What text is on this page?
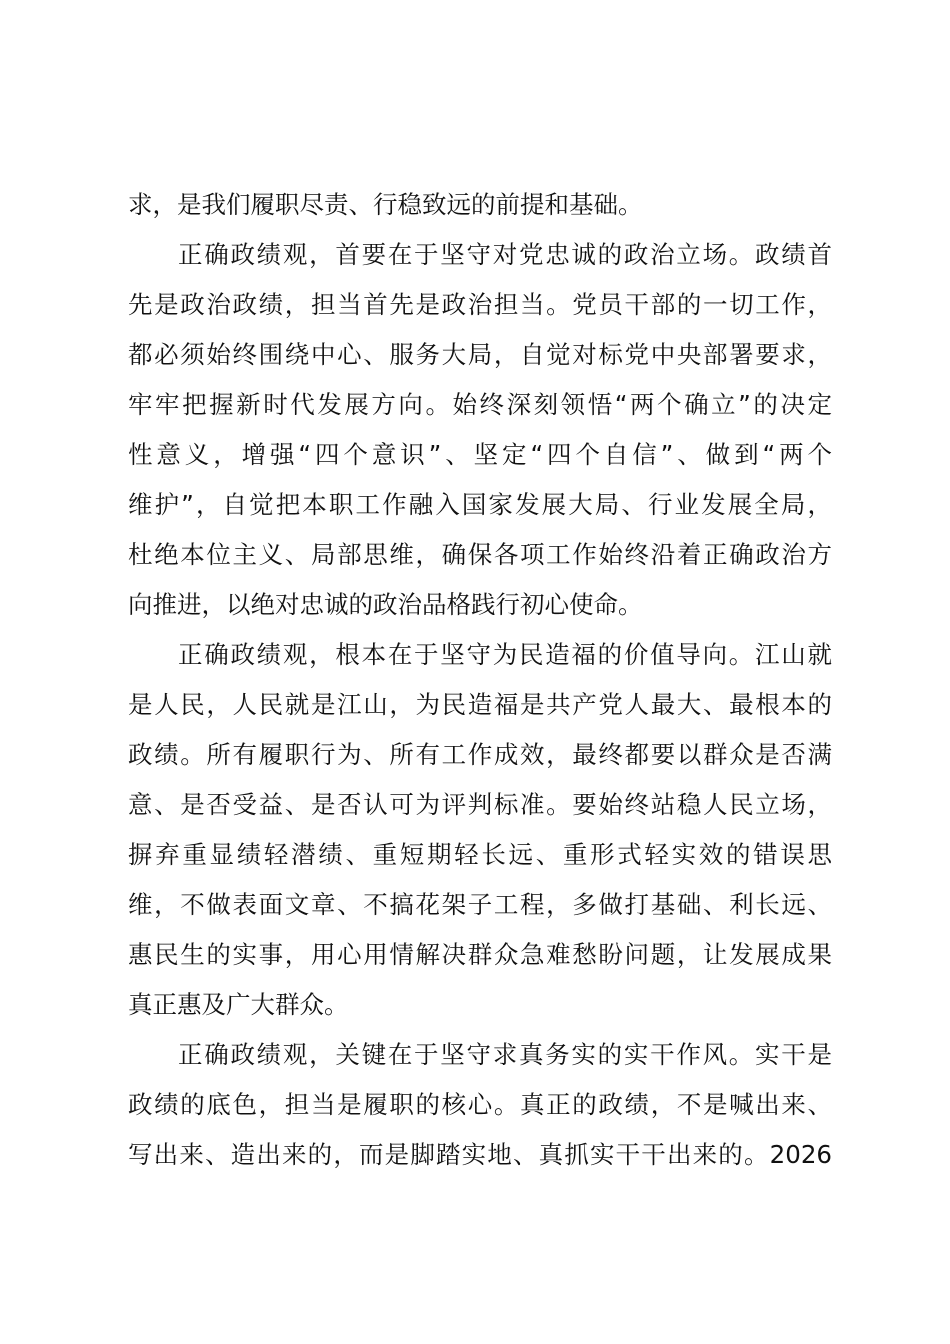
求，是我们履职尽责、行稳致远的前提和基础。

正确政绩观，首要在于坚守对党忠诚的政治立场。政绩首

先是政治政绩，担当首先是政治担当。党员干部的一切工作，

都必须始终围绕中心、服务大局，自觉对标党中央部署要求，

牢牢把握新时代发展方向。始终深刻领悟“两个确立”的决定

性意义，增强“四个意识”、坚定“四个自信”、做到“两个

维护”，自觉把本职工作融入国家发展大局、行业发展全局，

杜绝本位主义、局部思维，确保各项工作始终沿着正确政治方

向推进，以绝对忠诚的政治品格践行初心使命。

正确政绩观，根本在于坚守为民造福的价值导向。江山就

是人民，人民就是江山，为民造福是共产党人最大、最根本的

政绩。所有履职行为、所有工作成效，最终都要以群众是否满

意、是否受益、是否认可为评判标准。要始终站稳人民立场，

摒弃重显绩轻潜绩、重短期轻长远、重形式轻实效的错误思

维，不做表面文章、不搞花架子工程，多做打基础、利长远、

惠民生的实事，用心用情解决群众急难愁盼问题，让发展成果

真正惠及广大群众。

正确政绩观，关键在于坚守求真务实的实干作风。实干是

政绩的底色，担当是履职的核心。真正的政绩，不是喊出来、

写出来、造出来的，而是脚踏实地、真抓实干干出来的。2026
